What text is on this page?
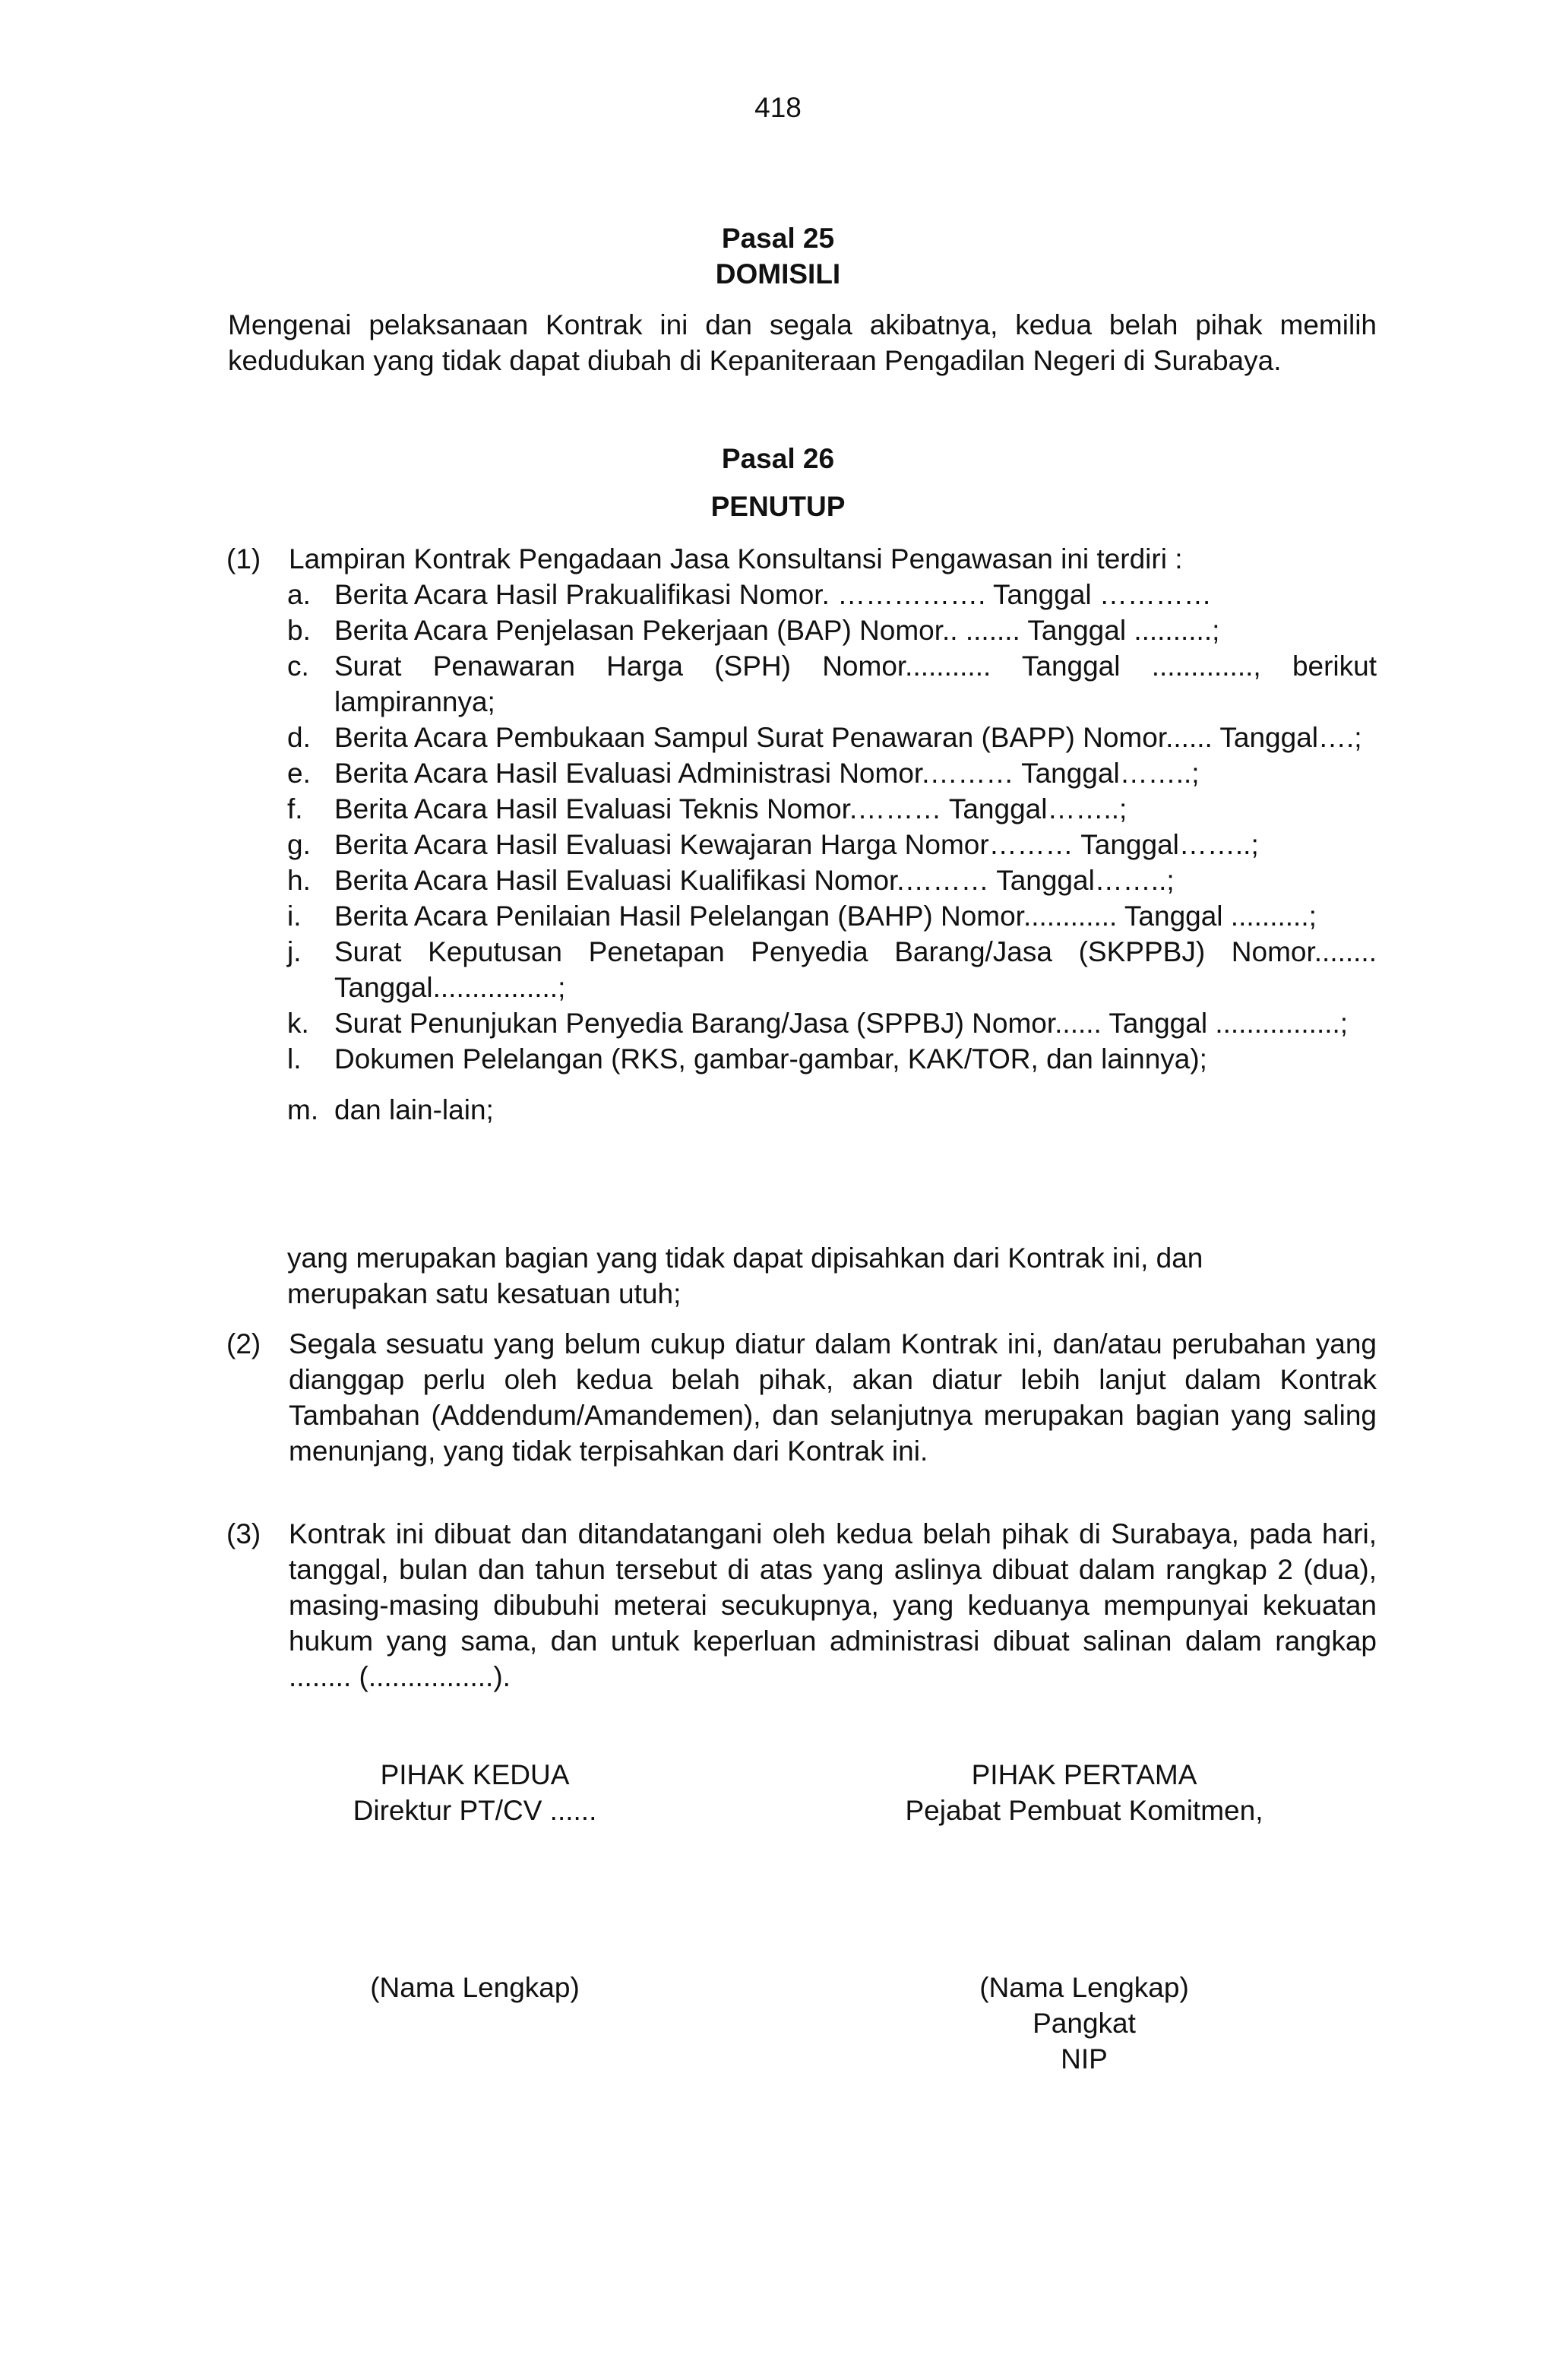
418
Pasal 25
DOMISILI
Mengenai pelaksanaan Kontrak ini dan segala akibatnya, kedua belah pihak memilih kedudukan yang tidak dapat diubah di Kepaniteraan Pengadilan Negeri di Surabaya.
Pasal 26
PENUTUP
(1) Lampiran Kontrak Pengadaan Jasa Konsultansi Pengawasan ini terdiri :
a. Berita Acara Hasil Prakualifikasi Nomor. ……………. Tanggal …………
b. Berita Acara Penjelasan Pekerjaan (BAP) Nomor.. ....... Tanggal ..........;
c. Surat Penawaran Harga (SPH) Nomor........... Tanggal ............., berikut lampirannya;
d. Berita Acara Pembukaan Sampul Surat Penawaran (BAPP) Nomor...... Tanggal….;
e. Berita Acara Hasil Evaluasi Administrasi Nomor.……… Tanggal……..;
f.	Berita Acara Hasil Evaluasi Teknis Nomor.……… Tanggal……..;
g. Berita Acara Hasil Evaluasi Kewajaran Harga Nomor……… Tanggal……..;
h. Berita Acara Hasil Evaluasi Kualifikasi Nomor.……… Tanggal……..;
i.	Berita Acara Penilaian Hasil Pelelangan (BAHP) Nomor............ Tanggal ..........;
j.	Surat Keputusan Penetapan Penyedia Barang/Jasa (SKPPBJ) Nomor........ Tanggal................;
k. Surat Penunjukan Penyedia Barang/Jasa (SPPBJ) Nomor...... Tanggal ................;
l.	Dokumen Pelelangan (RKS, gambar-gambar, KAK/TOR, dan lainnya);
m. dan lain-lain;
yang merupakan bagian yang tidak dapat dipisahkan dari Kontrak ini, dan merupakan satu kesatuan utuh;
(2) Segala sesuatu yang belum cukup diatur dalam Kontrak ini, dan/atau perubahan yang dianggap perlu oleh kedua belah pihak, akan diatur lebih lanjut dalam Kontrak Tambahan (Addendum/Amandemen), dan selanjutnya merupakan bagian yang saling menunjang, yang tidak terpisahkan dari Kontrak ini.
(3) Kontrak ini dibuat dan ditandatangani oleh kedua belah pihak di Surabaya, pada hari, tanggal, bulan dan tahun tersebut di atas yang aslinya dibuat dalam rangkap 2 (dua), masing-masing dibubuhi meterai secukupnya, yang keduanya mempunyai kekuatan hukum yang sama, dan untuk keperluan administrasi dibuat salinan dalam rangkap ........ (................).
PIHAK KEDUA
Direktur PT/CV ......
(Nama Lengkap)
PIHAK PERTAMA
Pejabat Pembuat Komitmen,
(Nama Lengkap)
Pangkat
NIP
